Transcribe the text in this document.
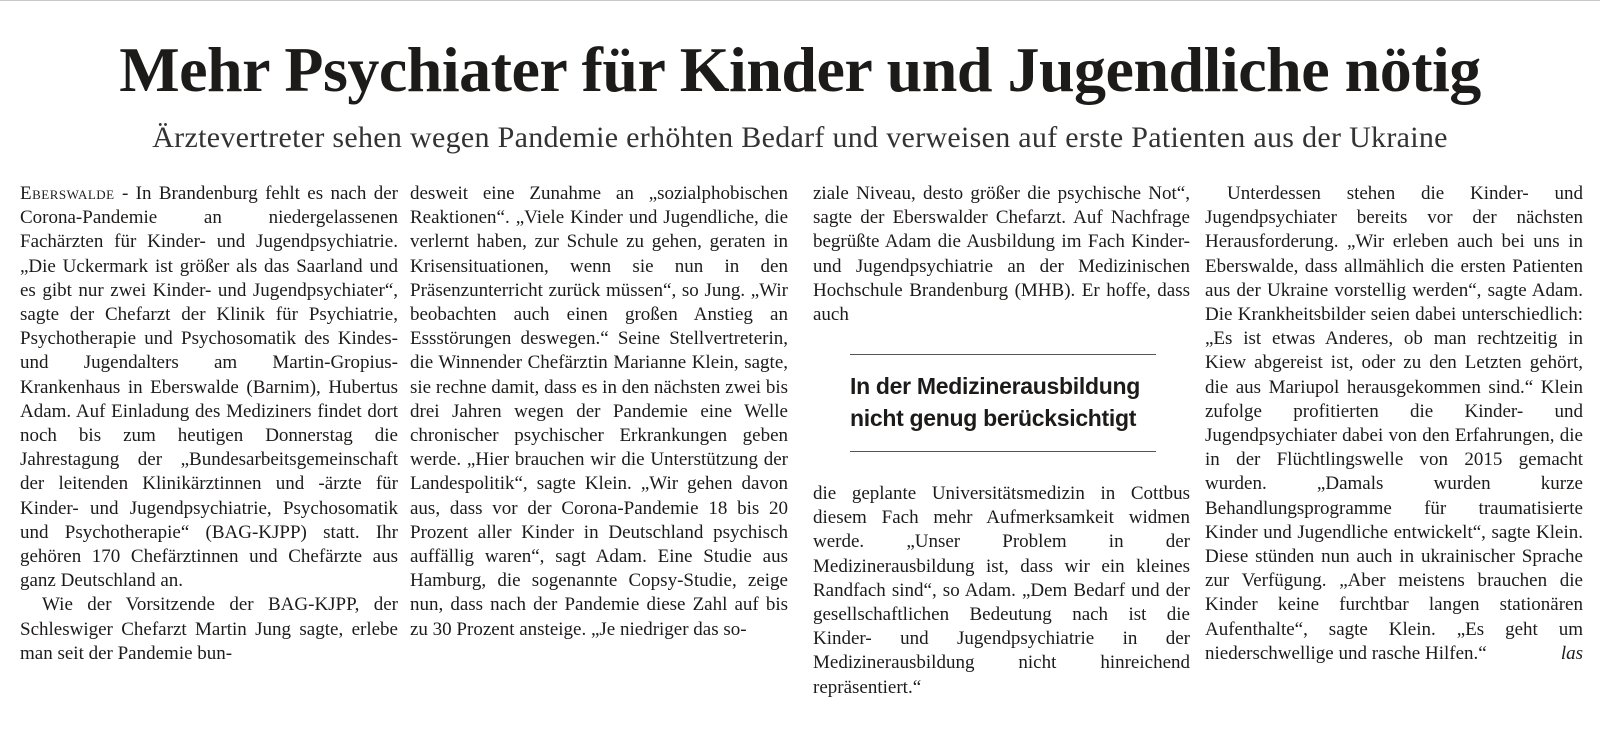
Mehr Psychiater für Kinder und Jugendliche nötig
Ärztevertreter sehen wegen Pandemie erhöhten Bedarf und verweisen auf erste Patienten aus der Ukraine

Eberswalde - In Brandenburg fehlt es nach der Corona-Pandemie an niedergelassenen Fachärzten für Kinder- und Jugendpsychiatrie. „Die Uckermark ist größer als das Saarland und es gibt nur zwei Kinder- und Jugendpsychiater“, sagte der Chefarzt der Klinik für Psychiatrie, Psychotherapie und Psychosomatik des Kindes- und Jugendalters am Martin-Gropius-Krankenhaus in Eberswalde (Barnim), Hubertus Adam. Auf Einladung des Mediziners findet dort noch bis zum heutigen Donnerstag die Jahrestagung der „Bundesarbeitsgemeinschaft der leitenden Klinikärztinnen und -ärzte für Kinder- und Jugendpsychiatrie, Psychosomatik und Psychotherapie“ (BAG-KJPP) statt. Ihr gehören 170 Chefärztinnen und Chefärzte aus ganz Deutschland an.

Wie der Vorsitzende der BAG-KJPP, der Schleswiger Chefarzt Martin Jung sagte, erlebe man seit der Pandemie bun-

desweit eine Zunahme an „sozialphobischen Reaktionen“. „Viele Kinder und Jugendliche, die verlernt haben, zur Schule zu gehen, geraten in Krisensituationen, wenn sie nun in den Präsenzunterricht zurück müssen“, so Jung. „Wir beobachten auch einen großen Anstieg an Essstörungen deswegen.“ Seine Stellvertreterin, die Winnender Chefärztin Marianne Klein, sagte, sie rechne damit, dass es in den nächsten zwei bis drei Jahren wegen der Pandemie eine Welle chronischer psychischer Erkrankungen geben werde. „Hier brauchen wir die Unterstützung der Landespolitik“, sagte Klein. „Wir gehen davon aus, dass vor der Corona-Pandemie 18 bis 20 Prozent aller Kinder in Deutschland psychisch auffällig waren“, sagt Adam. Eine Studie aus Hamburg, die sogenannte Copsy-Studie, zeige nun, dass nach der Pandemie diese Zahl auf bis zu 30 Prozent ansteige. „Je niedriger das so-

ziale Niveau, desto größer die psychische Not“, sagte der Eberswalder Chefarzt. Auf Nachfrage begrüßte Adam die Ausbildung im Fach Kinder- und Jugendpsychiatrie an der Medizinischen Hochschule Brandenburg (MHB). Er hoffe, dass auch

In der Medizinerausbildung
nicht genug berücksichtigt

die geplante Universitätsmedizin in Cottbus diesem Fach mehr Aufmerksamkeit widmen werde. „Unser Problem in der Medizinerausbildung ist, dass wir ein kleines Randfach sind“, so Adam. „Dem Bedarf und der gesellschaftlichen Bedeutung nach ist die Kinder- und Jugendpsychiatrie in der Medizinerausbildung nicht hinreichend repräsentiert.“

Unterdessen stehen die Kinder- und Jugendpsychiater bereits vor der nächsten Herausforderung. „Wir erleben auch bei uns in Eberswalde, dass allmählich die ersten Patienten aus der Ukraine vorstellig werden“, sagte Adam. Die Krankheitsbilder seien dabei unterschiedlich: „Es ist etwas Anderes, ob man rechtzeitig in Kiew abgereist ist, oder zu den Letzten gehört, die aus Mariupol herausgekommen sind.“ Klein zufolge profitierten die Kinder- und Jugendpsychiater dabei von den Erfahrungen, die in der Flüchtlingswelle von 2015 gemacht wurden. „Damals wurden kurze Behandlungsprogramme für traumatisierte Kinder und Jugendliche entwickelt“, sagte Klein. Diese stünden nun auch in ukrainischer Sprache zur Verfügung. „Aber meistens brauchen die Kinder keine furchtbar langen stationären Aufenthalte“, sagte Klein. „Es geht um niederschwellige und rasche Hilfen.“	las
